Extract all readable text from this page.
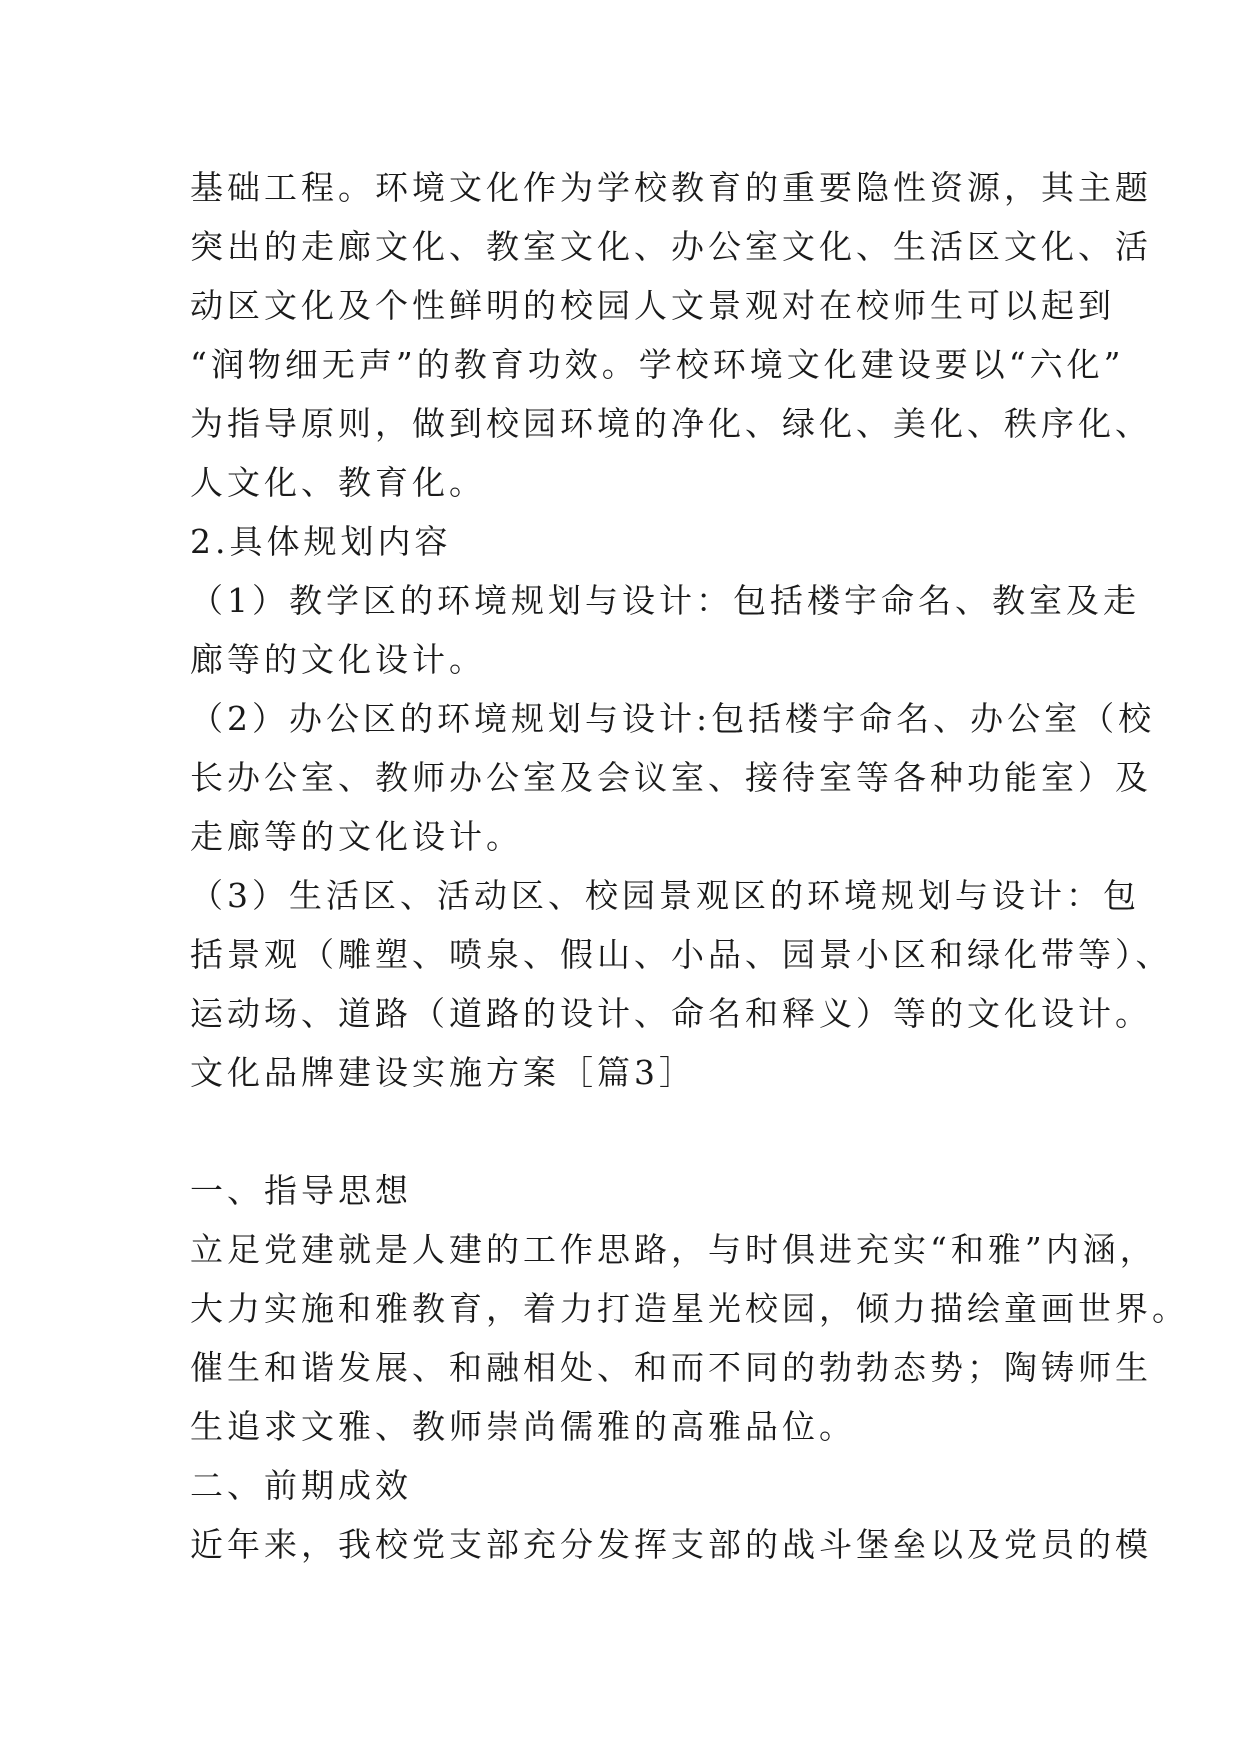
基础工程。环境文化作为学校教育的重要隐性资源，其主题
突出的走廊文化、教室文化、办公室文化、生活区文化、活
动区文化及个性鲜明的校园人文景观对在校师生可以起到
“润物细无声”的教育功效。学校环境文化建设要以“六化”
为指导原则，做到校园环境的净化、绿化、美化、秩序化、
人文化、教育化。
2.具体规划内容
（1）教学区的环境规划与设计：包括楼宇命名、教室及走
廊等的文化设计。
（2）办公区的环境规划与设计:包括楼宇命名、办公室（校
长办公室、教师办公室及会议室、接待室等各种功能室）及
走廊等的文化设计。
（3）生活区、活动区、校园景观区的环境规划与设计：包
括景观（雕塑、喷泉、假山、小品、园景小区和绿化带等）、
运动场、道路（道路的设计、命名和释义）等的文化设计。
文化品牌建设实施方案［篇3］
一、指导思想
立足党建就是人建的工作思路，与时俱进充实“和雅”内涵，
大力实施和雅教育，着力打造星光校园，倾力描绘童画世界。
催生和谐发展、和融相处、和而不同的勃勃态势；陶铸师生
生追求文雅、教师崇尚儒雅的高雅品位。
二、前期成效
近年来，我校党支部充分发挥支部的战斗堡垒以及党员的模
